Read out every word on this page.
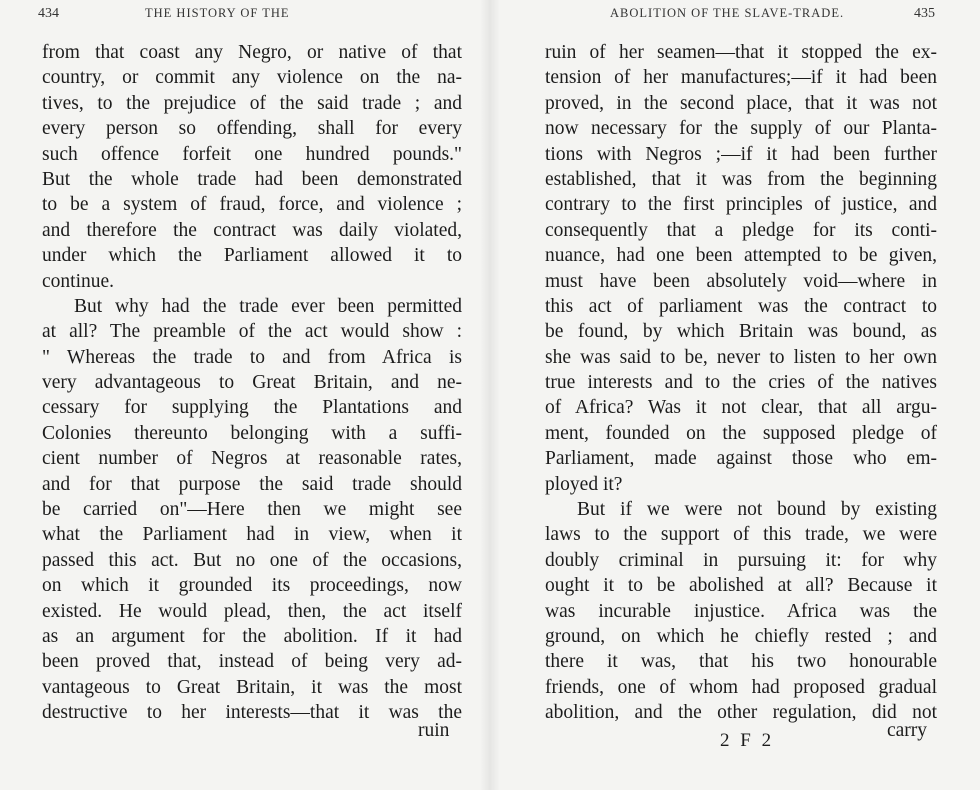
434	THE HISTORY OF THE
from that coast any Negro, or native of that
country, or commit any violence on the na-
tives, to the prejudice of the said trade ; and
every person so offending, shall for every
such offence forfeit one hundred pounds."
But the whole trade had been demonstrated
to be a system of fraud, force, and violence ;
and therefore the contract was daily violated,
under which the Parliament allowed it to
continue.
But why had the trade ever been permitted
at all? The preamble of the act would show :
" Whereas the trade to and from Africa is
very advantageous to Great Britain, and ne-
cessary for supplying the Plantations and
Colonies thereunto belonging with a suffi-
cient number of Negros at reasonable rates,
and for that purpose the said trade should
be carried on"—Here then we might see
what the Parliament had in view, when it
passed this act. But no one of the occasions,
on which it grounded its proceedings, now
existed. He would plead, then, the act itself
as an argument for the abolition. If it had
been proved that, instead of being very ad-
vantageous to Great Britain, it was the most
destructive to her interests—that it was the
ruin
ABOLITION OF THE SLAVE-TRADE.	435
ruin of her seamen—that it stopped the ex-
tension of her manufactures;—if it had been
proved, in the second place, that it was not
now necessary for the supply of our Planta-
tions with Negros ;—if it had been further
established, that it was from the beginning
contrary to the first principles of justice, and
consequently that a pledge for its conti-
nuance, had one been attempted to be given,
must have been absolutely void—where in
this act of parliament was the contract to
be found, by which Britain was bound, as
she was said to be, never to listen to her own
true interests and to the cries of the natives
of Africa? Was it not clear, that all argu-
ment, founded on the supposed pledge of
Parliament, made against those who em-
ployed it?
But if we were not bound by existing
laws to the support of this trade, we were
doubly criminal in pursuing it: for why
ought it to be abolished at all? Because it
was incurable injustice. Africa was the
ground, on which he chiefly rested ; and
there it was, that his two honourable
friends, one of whom had proposed gradual
abolition, and the other regulation, did not
2 F 2	carry
